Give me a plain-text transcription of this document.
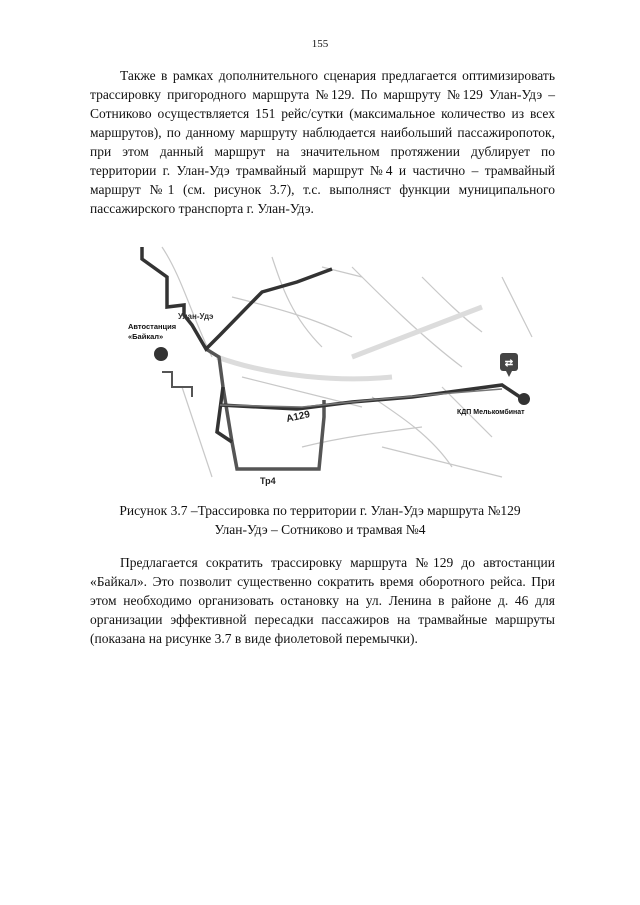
155

Также в рамках дополнительного сценария предлагается оптимизировать трассировку пригородного маршрута №129. По маршруту №129 Улан-Удэ – Сотниково осуществляется 151 рейс/сутки (максимальное количество из всех маршрутов), по данному маршруту наблюдается наибольший пассажиропоток, при этом данный маршрут на значительном протяжении дублирует по территории г. Улан-Удэ трамвайный маршрут №4 и частично – трамвайный маршрут №1 (см. рисунок 3.7), т.с. выполняст функции муниципального пассажирского транспорта г. Улан-Удэ.

⇄
Автостанция
«Байкал»
Улан-Удэ
А129
Тр4
КДП Мелькомбинат
Рисунок 3.7 –Трассировка по территории г. Улан-Удэ маршрута №129
Улан-Удэ – Сотниково и трамвая №4

Предлагается сократить трассировку маршрута №129 до автостанции «Байкал». Это позволит существенно сократить время оборотного рейса. При этом необходимо организовать остановку на ул. Ленина в районе д. 46 для организации эффективной пересадки пассажиров на трамвайные маршруты (показана на рисунке 3.7 в виде фиолетовой перемычки).
